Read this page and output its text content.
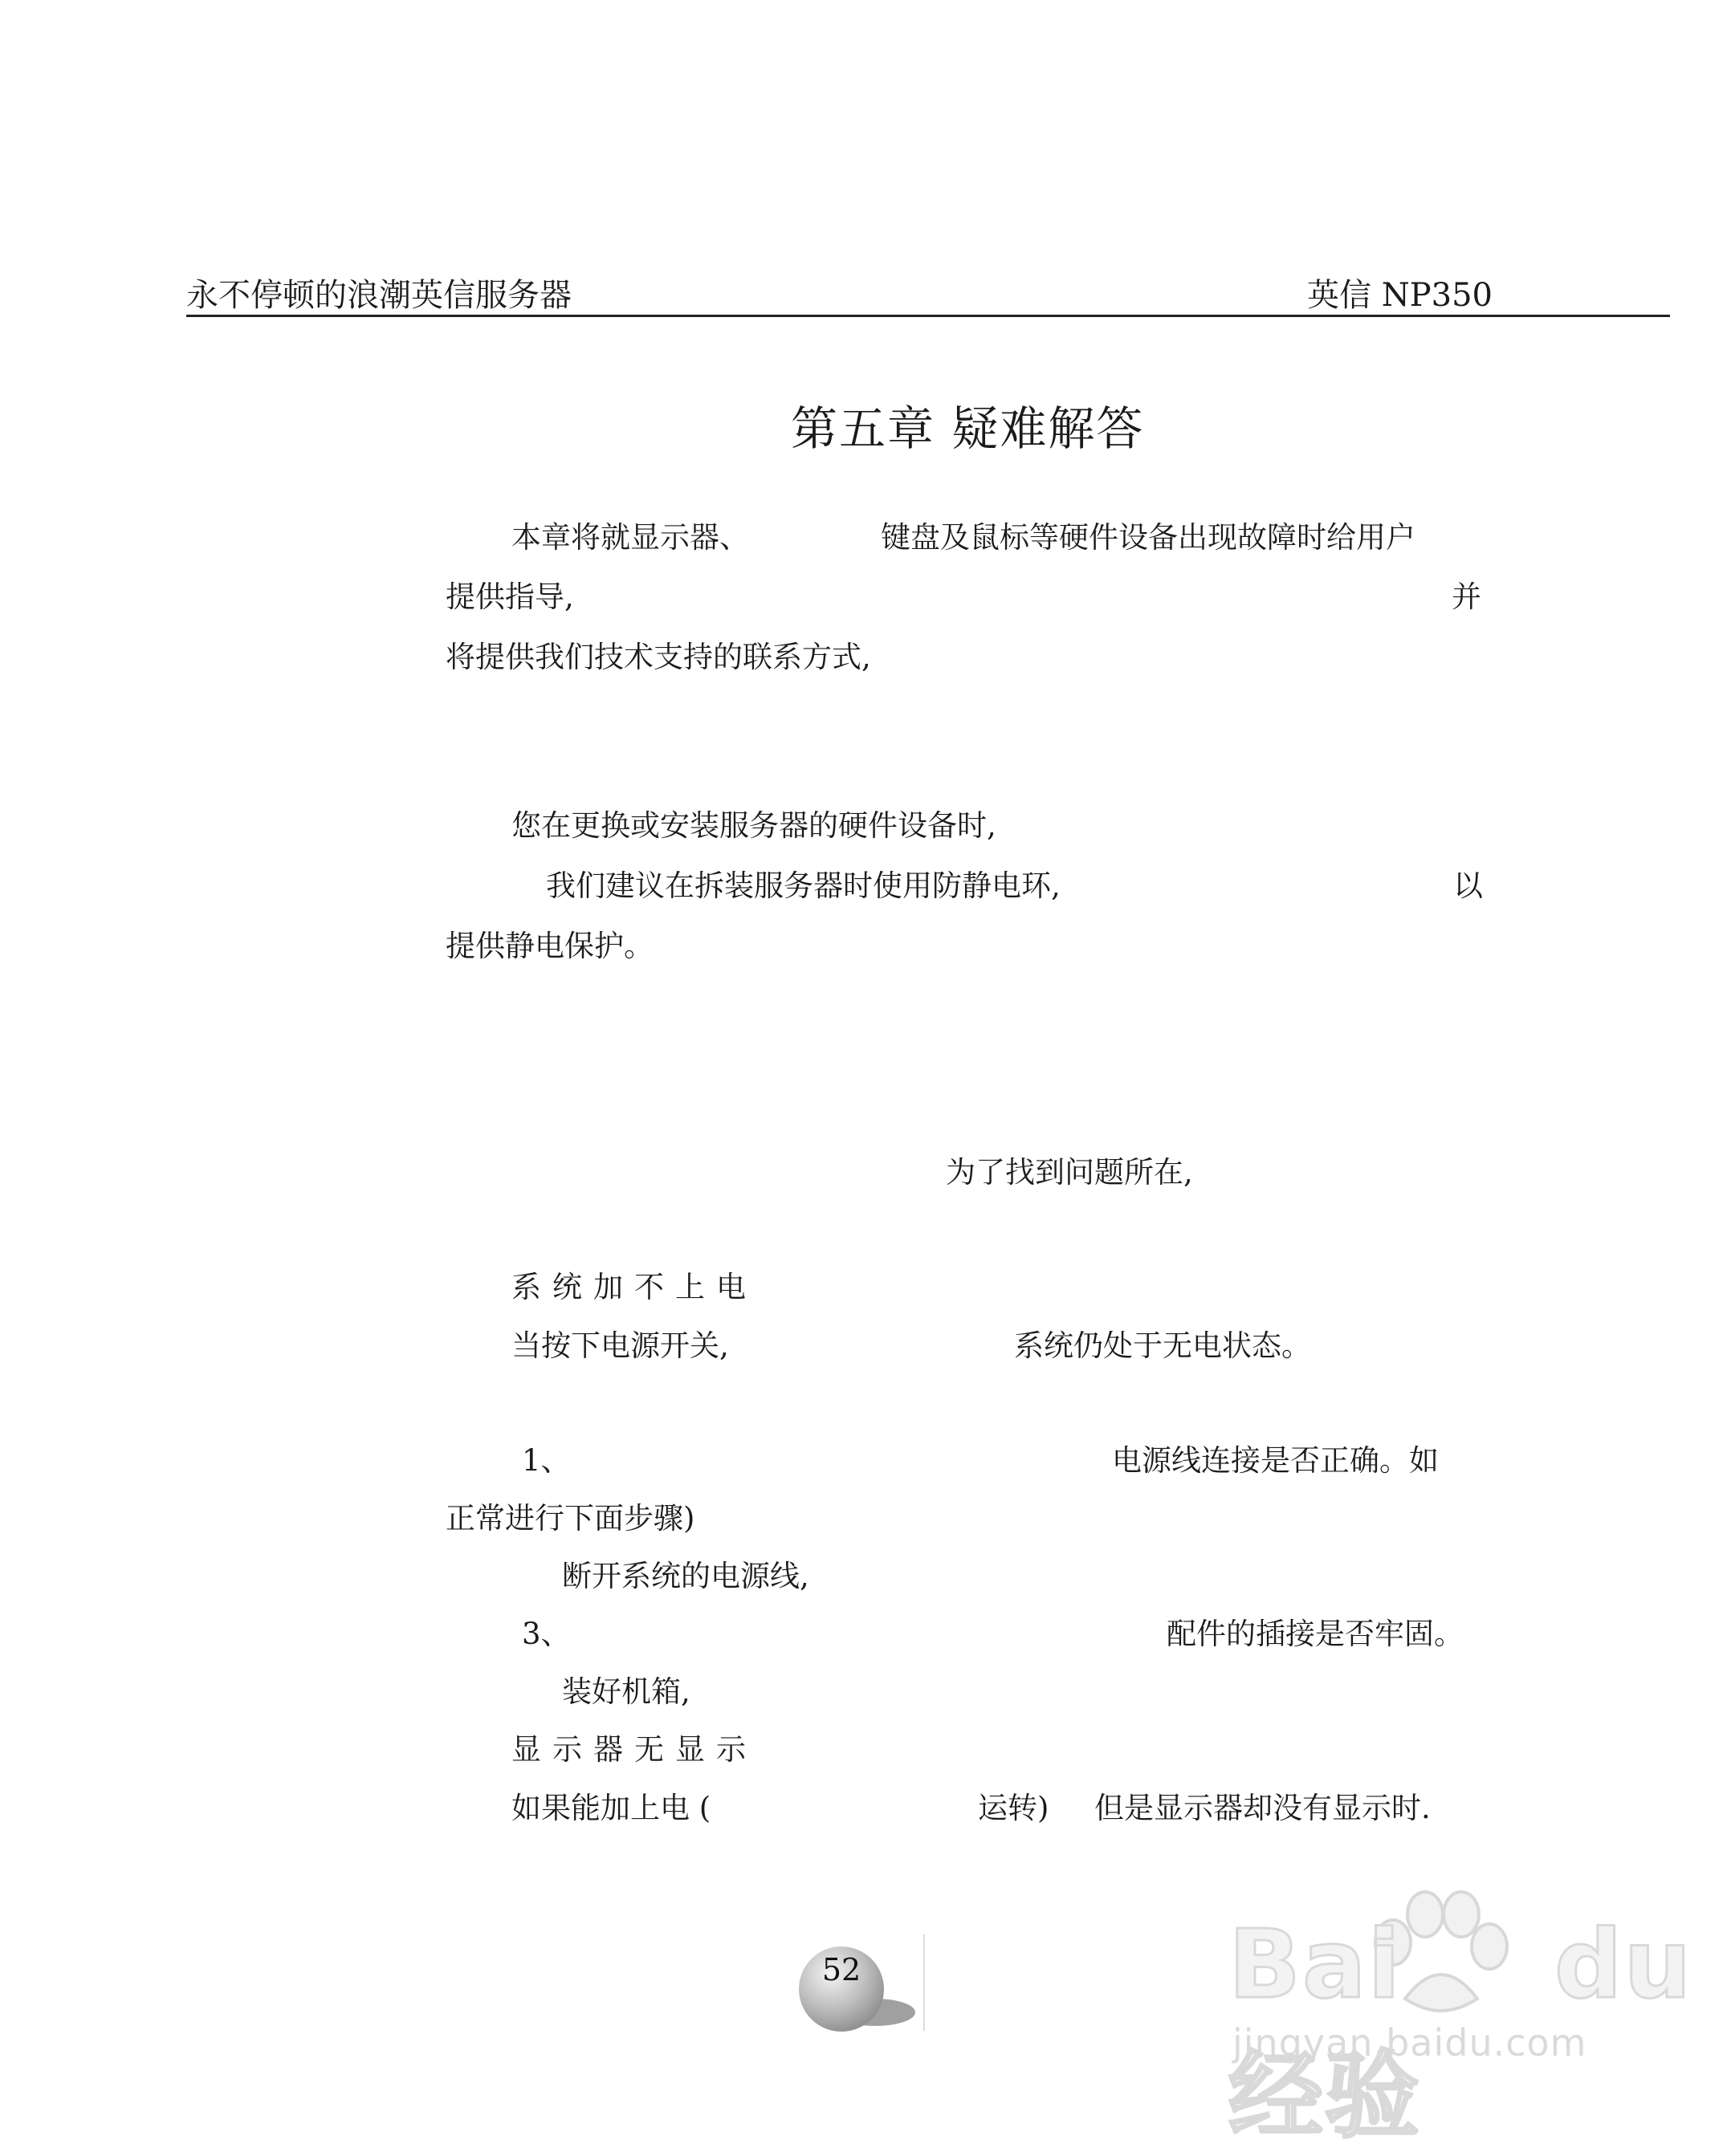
永不停顿的浪潮英信服务器	英信 NP350
第五章 疑难解答
本章将就显示器、	键盘及鼠标等硬件设备出现故障时给用户
提供指导,	并
将提供我们技术支持的联系方式,
您在更换或安装服务器的硬件设备时,
我们建议在拆装服务器时使用防静电环,	以
提供静电保护。
为了找到问题所在,
系统加不上电
当按下电源开关,	系统仍处于无电状态。
1、	电源线连接是否正确。如
正常进行下面步骤)
断开系统的电源线,
3、	配件的插接是否牢固。
装好机箱,
显示器无显示
如果能加上电 (	运转) 但是显示器却没有显示时.
52	Bai du经验
jingyan.baidu.com
